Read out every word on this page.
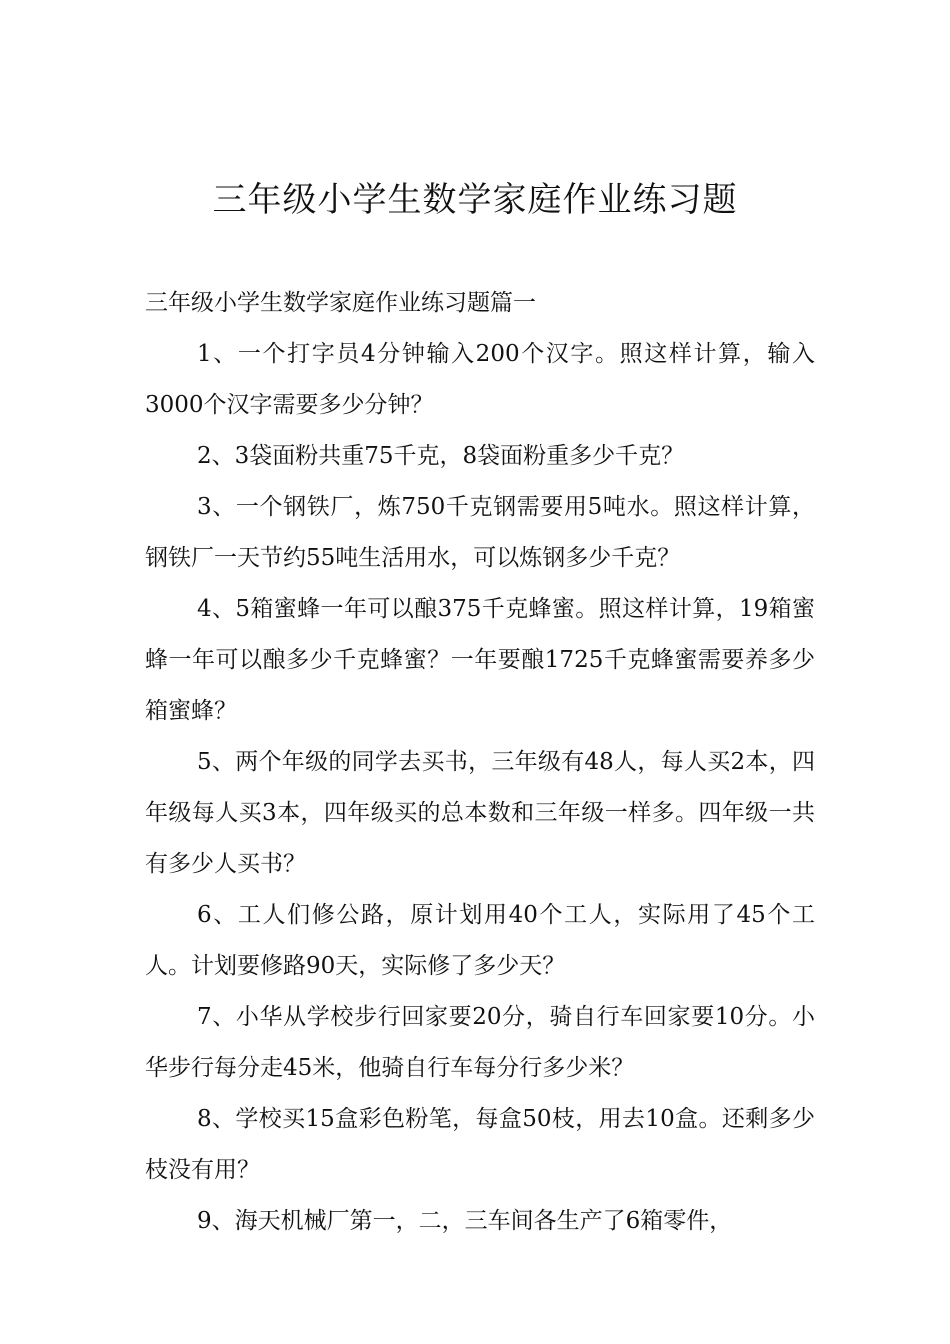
三年级小学生数学家庭作业练习题

三年级小学生数学家庭作业练习题篇一

1、一个打字员4分钟输入200个汉字。照这样计算，输入3000个汉字需要多少分钟？

2、3袋面粉共重75千克，8袋面粉重多少千克？

3、一个钢铁厂，炼750千克钢需要用5吨水。照这样计算，钢铁厂一天节约55吨生活用水，可以炼钢多少千克？

4、5箱蜜蜂一年可以酿375千克蜂蜜。照这样计算，19箱蜜蜂一年可以酿多少千克蜂蜜？一年要酿1725千克蜂蜜需要养多少箱蜜蜂？

5、两个年级的同学去买书，三年级有48人，每人买2本，四年级每人买3本，四年级买的总本数和三年级一样多。四年级一共有多少人买书？

6、工人们修公路，原计划用40个工人，实际用了45个工人。计划要修路90天，实际修了多少天？

7、小华从学校步行回家要20分，骑自行车回家要10分。小华步行每分走45米，他骑自行车每分行多少米？

8、学校买15盒彩色粉笔，每盒50枝，用去10盒。还剩多少枝没有用？

9、海天机械厂第一，二，三车间各生产了6箱零件，
